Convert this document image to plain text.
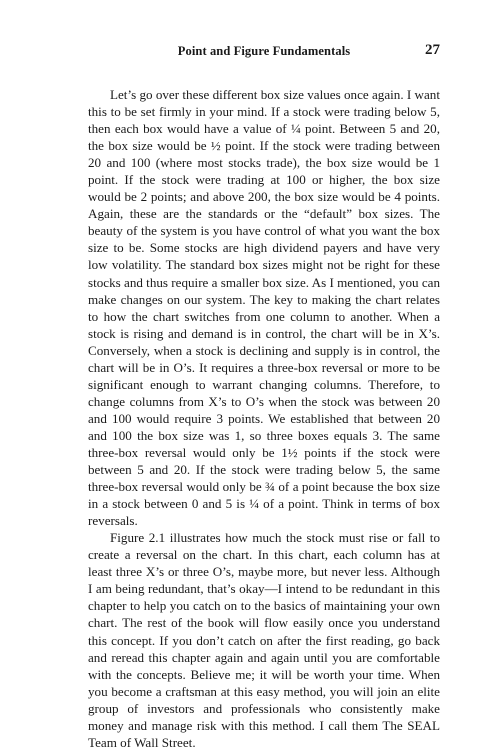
Point and Figure Fundamentals	27

Let’s go over these different box size values once again. I want this to be set firmly in your mind. If a stock were trading below 5, then each box would have a value of ¼ point. Between 5 and 20, the box size would be ½ point. If the stock were trading between 20 and 100 (where most stocks trade), the box size would be 1 point. If the stock were trading at 100 or higher, the box size would be 2 points; and above 200, the box size would be 4 points. Again, these are the standards or the “default” box sizes. The beauty of the system is you have control of what you want the box size to be. Some stocks are high dividend payers and have very low volatility. The standard box sizes might not be right for these stocks and thus require a smaller box size. As I mentioned, you can make changes on our system. The key to making the chart relates to how the chart switches from one column to another. When a stock is rising and demand is in control, the chart will be in X’s. Conversely, when a stock is declining and supply is in control, the chart will be in O’s. It requires a three-box reversal or more to be significant enough to warrant changing columns. Therefore, to change columns from X’s to O’s when the stock was between 20 and 100 would require 3 points. We established that between 20 and 100 the box size was 1, so three boxes equals 3. The same three-box reversal would only be 1½ points if the stock were between 5 and 20. If the stock were trading below 5, the same three-box reversal would only be ¾ of a point because the box size in a stock between 0 and 5 is ¼ of a point. Think in terms of box reversals.

Figure 2.1 illustrates how much the stock must rise or fall to create a reversal on the chart. In this chart, each column has at least three X’s or three O’s, maybe more, but never less. Although I am being redundant, that’s okay—I intend to be redundant in this chapter to help you catch on to the basics of maintaining your own chart. The rest of the book will flow easily once you understand this concept. If you don’t catch on after the first reading, go back and reread this chapter again and again until you are comfortable with the concepts. Believe me; it will be worth your time. When you become a craftsman at this easy method, you will join an elite group of investors and professionals who consistently make money and manage risk with this method. I call them The SEAL Team of Wall Street.
